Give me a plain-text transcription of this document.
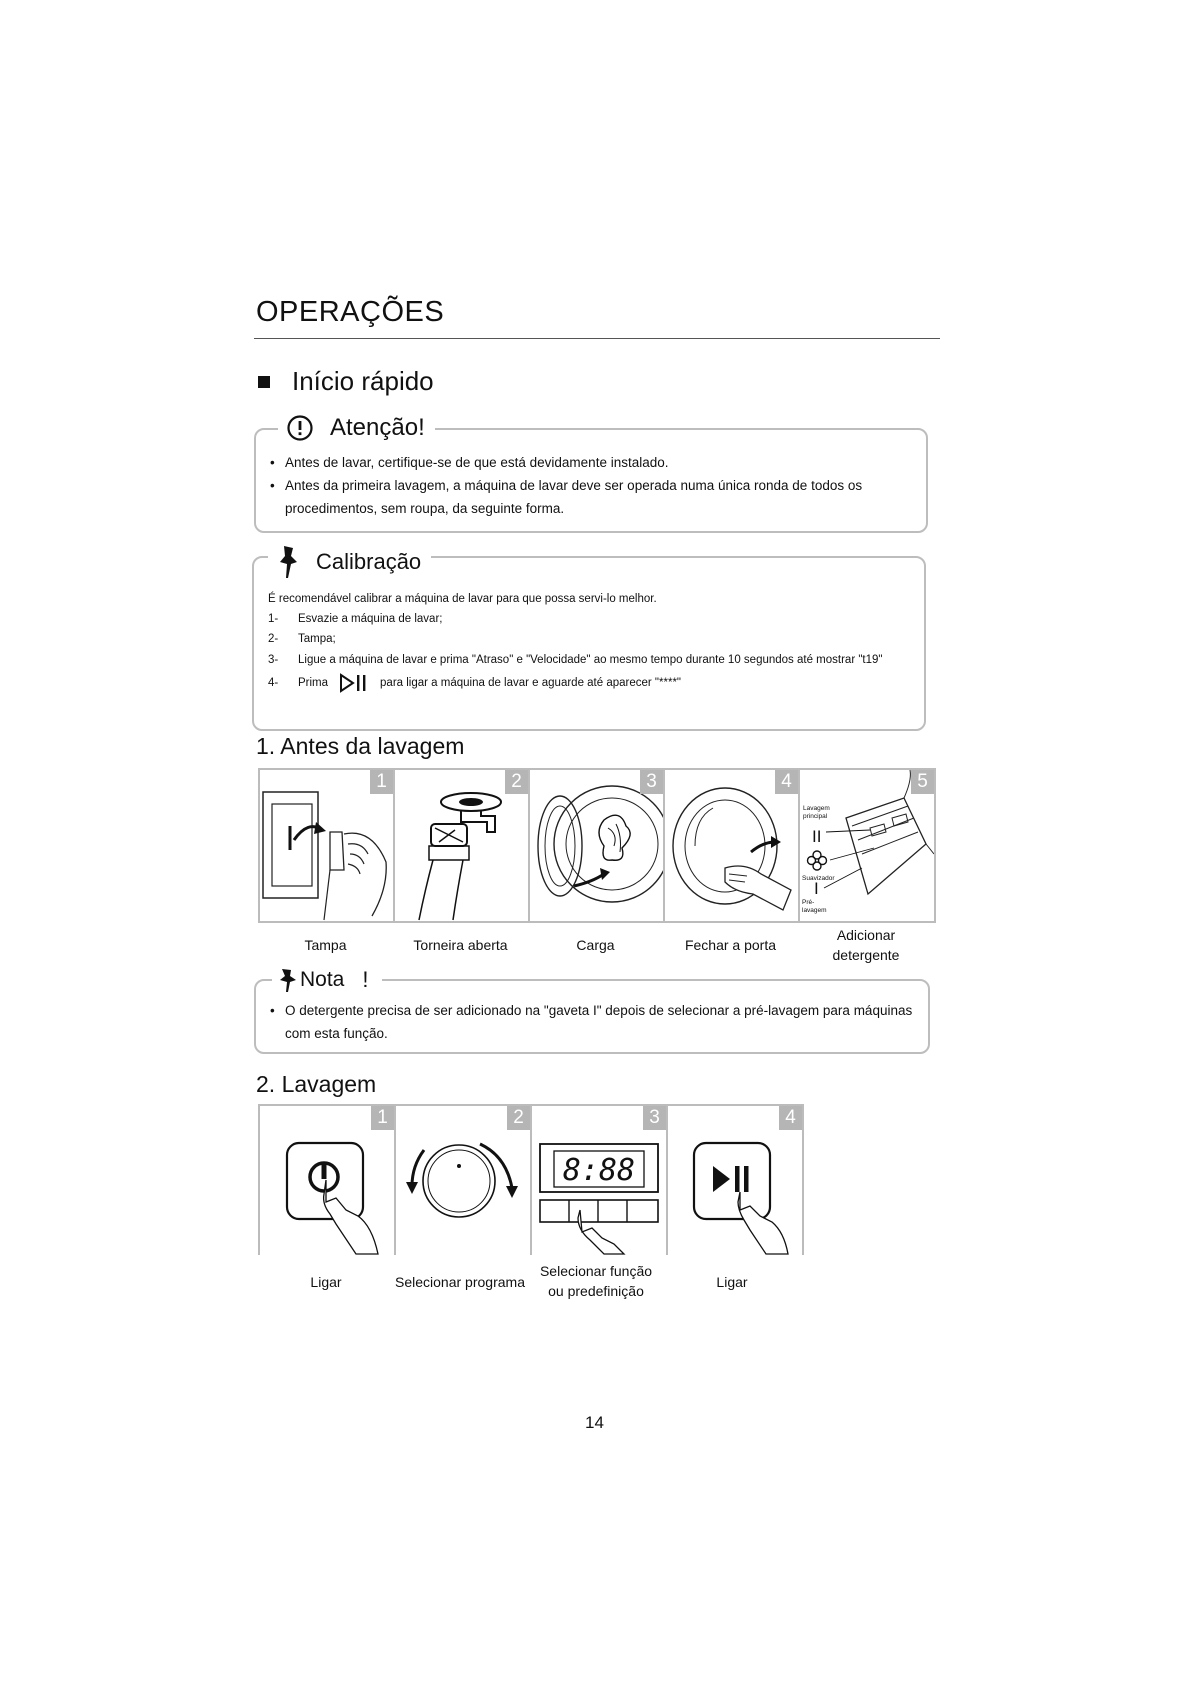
OPERAÇÕES
Início rápido
Atenção!
• Antes de lavar, certifique-se de que está devidamente instalado.
• Antes da primeira lavagem, a máquina de lavar deve ser operada numa única ronda de todos os procedimentos, sem roupa, da seguinte forma.
Calibração
É recomendável calibrar a máquina de lavar para que possa servi-lo melhor.
1-	Esvazie a máquina de lavar;
2-	Tampa;
3-	Ligue a máquina de lavar e prima "Atraso" e "Velocidade" ao mesmo tempo durante 10 segundos até mostrar "t19"
4-	Prima	para ligar a máquina de lavar e aguarde até aparecer "****"
1. Antes da lavagem
1	2	3	4
Lavagem
principal
II
Suavizador
I
Pré-
lavagem
5
Tampa	Torneira aberta	Carga	Fechar a porta
Adicionar
detergente
Nota !
• O detergente precisa de ser adicionado na "gaveta I" depois de selecionar a pré-lavagem para máquinas com esta função.
2. Lavagem
1	2
8:88
3	4
Ligar	Selecionar programa
Selecionar função
ou predefinição
Ligar
14
